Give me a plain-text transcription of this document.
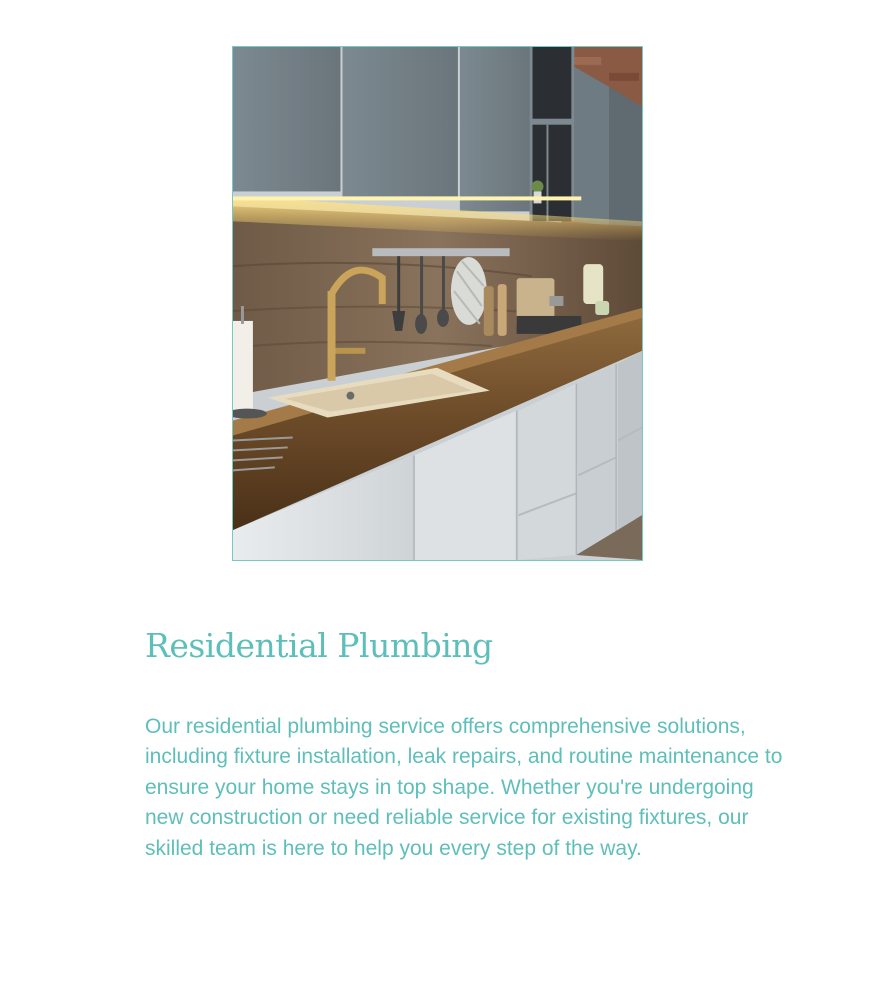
Residential Plumbing

Our residential plumbing service offers comprehensive solutions, including fixture installation, leak repairs, and routine maintenance to ensure your home stays in top shape. Whether you're undergoing new construction or need reliable service for existing fixtures, our skilled team is here to help you every step of the way.
